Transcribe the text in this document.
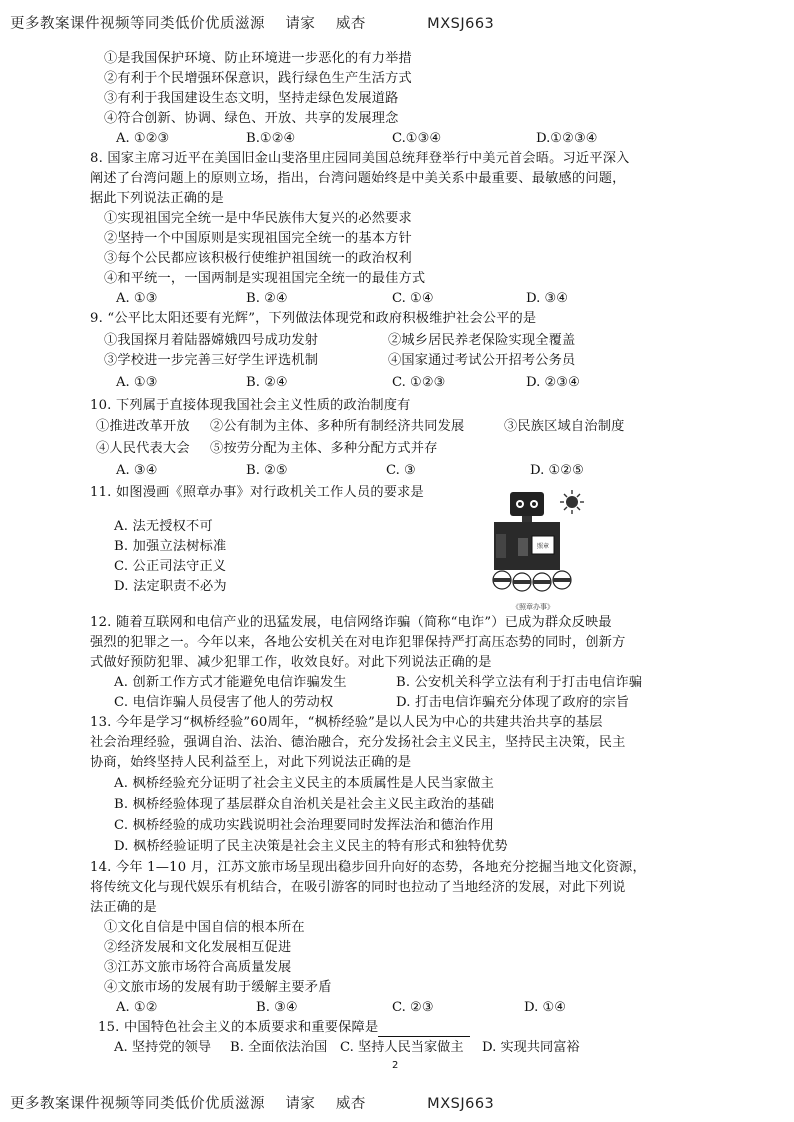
更多教案课件视频等同类低价优质滋源    请家    威杏            MXSJ663
①是我国保护环境、防止环境进一步恶化的有力举措
②有利于个民增强环保意识，践行绿色生产生活方式
③有利于我国建设生态文明，坚持走绿色发展道路
④符合创新、协调、绿色、开放、共享的发展理念
A. ①②③	B.①②④	C.①③④	D.①②③④
8. 国家主席习近平在美国旧金山斐洛里庄园同美国总统拜登举行中美元首会晤。习近平深入
阐述了台湾问题上的原则立场，指出，台湾问题始终是中美关系中最重要、最敏感的问题，
据此下列说法正确的是
①实现祖国完全统一是中华民族伟大复兴的必然要求
②坚持一个中国原则是实现祖国完全统一的基本方针
③每个公民都应该积极行使维护祖国统一的政治权利
④和平统一，一国两制是实现祖国完全统一的最佳方式
A. ①③	B. ②④	C. ①④	D. ③④
9. “公平比太阳还要有光辉”，下列做法体现党和政府积极维护社会公平的是
①我国探月着陆器嫦娥四号成功发射	②城乡居民养老保险实现全覆盖
③学校进一步完善三好学生评选机制	④国家通过考试公开招考公务员
A. ①③	B. ②④	C. ①②③	D. ②③④
10. 下列属于直接体现我国社会主义性质的政治制度有
①推进改革开放 ②公有制为主体、多种所有制经济共同发展	③民族区域自治制度
④人民代表大会 ⑤按劳分配为主体、多种分配方式并存
A. ③④	B. ②⑤	C. ③	D. ①②⑤
11. 如图漫画《照章办事》对行政机关工作人员的要求是
A. 法无授权不可
B. 加强立法树标准
C. 公正司法守正义
D. 法定职责不必为
照章
《照章办事》
12. 随着互联网和电信产业的迅猛发展，电信网络诈骗（简称“电诈”）已成为群众反映最
强烈的犯罪之一。今年以来，各地公安机关在对电诈犯罪保持严打高压态势的同时，创新方
式做好预防犯罪、减少犯罪工作，收效良好。对此下列说法正确的是
A. 创新工作方式才能避免电信诈骗发生	B. 公安机关科学立法有利于打击电信诈骗
C. 电信诈骗人员侵害了他人的劳动权	D. 打击电信诈骗充分体现了政府的宗旨
13. 今年是学习“枫桥经验”60周年，“枫桥经验”是以人民为中心的共建共治共享的基层
社会治理经验，强调自治、法治、德治融合，充分发扬社会主义民主，坚持民主决策，民主
协商，始终坚持人民利益至上，对此下列说法正确的是
A. 枫桥经验充分证明了社会主义民主的本质属性是人民当家做主
B. 枫桥经验体现了基层群众自治机关是社会主义民主政治的基础
C. 枫桥经验的成功实践说明社会治理要同时发挥法治和德治作用
D. 枫桥经验证明了民主决策是社会主义民主的特有形式和独特优势
14. 今年 1—10 月，江苏文旅市场呈现出稳步回升向好的态势，各地充分挖掘当地文化资源，
将传统文化与现代娱乐有机结合，在吸引游客的同时也拉动了当地经济的发展，对此下列说
法正确的是
①文化自信是中国自信的根本所在
②经济发展和文化发展相互促进
③江苏文旅市场符合高质量发展
④文旅市场的发展有助于缓解主要矛盾
A. ①②	B. ③④	C. ②③	D. ①④
15. 中国特色社会主义的本质要求和重要保障是
A. 坚持党的领导 B. 全面依法治国 C. 坚持人民当家做主 D. 实现共同富裕
2
更多教案课件视频等同类低价优质滋源    请家    威杏            MXSJ663
